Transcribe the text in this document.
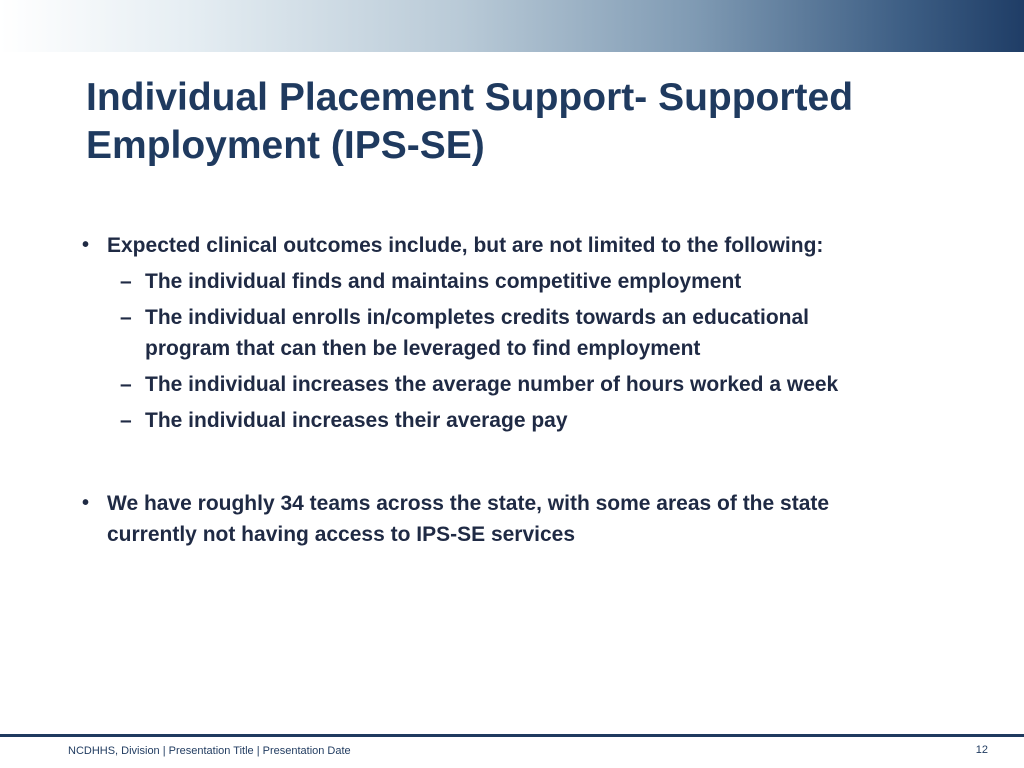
Individual Placement Support- Supported
Employment (IPS-SE)
• Expected clinical outcomes include, but are not limited to the following:
– The individual finds and maintains competitive employment
– The individual enrolls in/completes credits towards an educational program that can then be leveraged to find employment
– The individual increases the average number of hours worked a week
– The individual increases their average pay
• We have roughly 34 teams across the state, with some areas of the state currently not having access to IPS-SE services
NCDHHS, Division | Presentation Title | Presentation Date	12
